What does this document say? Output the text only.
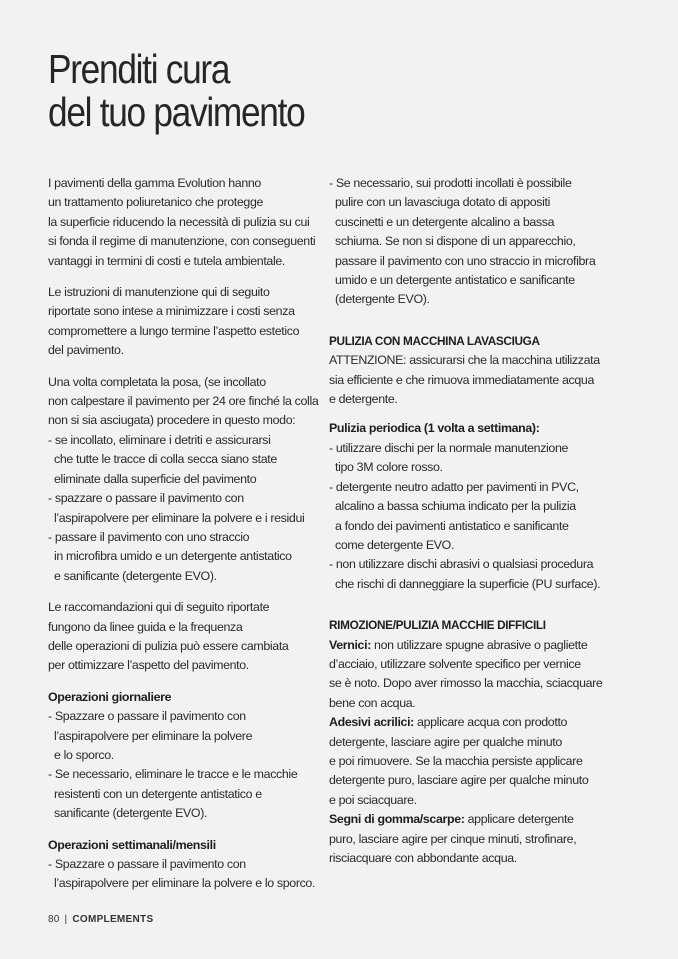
Prenditi cura
del tuo pavimento

I pavimenti della gamma Evolution hanno
un trattamento poliuretanico che protegge
la superficie riducendo la necessità di pulizia su cui
si fonda il regime di manutenzione, con conseguenti
vantaggi in termini di costi e tutela ambientale.

Le istruzioni di manutenzione qui di seguito
riportate sono intese a minimizzare i costi senza
compromettere a lungo termine l’aspetto estetico
del pavimento.

Una volta completata la posa, (se incollato
non calpestare il pavimento per 24 ore finché la colla
non si sia asciugata) procedere in questo modo:
- se incollato, eliminare i detriti e assicurarsi
che tutte le tracce di colla secca siano state
eliminate dalla superficie del pavimento
- spazzare o passare il pavimento con
l’aspirapolvere per eliminare la polvere e i residui
- passare il pavimento con uno straccio
in microfibra umido e un detergente antistatico
e sanificante (detergente EVO).

Le raccomandazioni qui di seguito riportate
fungono da linee guida e la frequenza
delle operazioni di pulizia può essere cambiata
per ottimizzare l’aspetto del pavimento.

Operazioni giornaliere
- Spazzare o passare il pavimento con
l’aspirapolvere per eliminare la polvere
e lo sporco.
- Se necessario, eliminare le tracce e le macchie
resistenti con un detergente antistatico e
sanificante (detergente EVO).

Operazioni settimanali/mensili
- Spazzare o passare il pavimento con
l’aspirapolvere per eliminare la polvere e lo sporco.

- Se necessario, sui prodotti incollati è possibile
pulire con un lavasciuga dotato di appositi
cuscinetti e un detergente alcalino a bassa
schiuma. Se non si dispone di un apparecchio,
passare il pavimento con uno straccio in microfibra
umido e un detergente antistatico e sanificante
(detergente EVO).

PULIZIA CON MACCHINA LAVASCIUGA
ATTENZIONE: assicurarsi che la macchina utilizzata
sia efficiente e che rimuova immediatamente acqua
e detergente.

Pulizia periodica (1 volta a settimana):
- utilizzare dischi per la normale manutenzione
tipo 3M colore rosso.
- detergente neutro adatto per pavimenti in PVC,
alcalino a bassa schiuma indicato per la pulizia
a fondo dei pavimenti antistatico e sanificante
come detergente EVO.
- non utilizzare dischi abrasivi o qualsiasi procedura
che rischi di danneggiare la superficie (PU surface).

RIMOZIONE/PULIZIA MACCHIE DIFFICILI
Vernici: non utilizzare spugne abrasive o pagliette
d’acciaio, utilizzare solvente specifico per vernice
se è noto. Dopo aver rimosso la macchia, sciacquare
bene con acqua.
Adesivi acrilici: applicare acqua con prodotto
detergente, lasciare agire per qualche minuto
e poi rimuovere. Se la macchia persiste applicare
detergente puro, lasciare agire per qualche minuto
e poi sciacquare.
Segni di gomma/scarpe: applicare detergente
puro, lasciare agire per cinque minuti, strofinare,
risciacquare con abbondante acqua.

80 | COMPLEMENTS
